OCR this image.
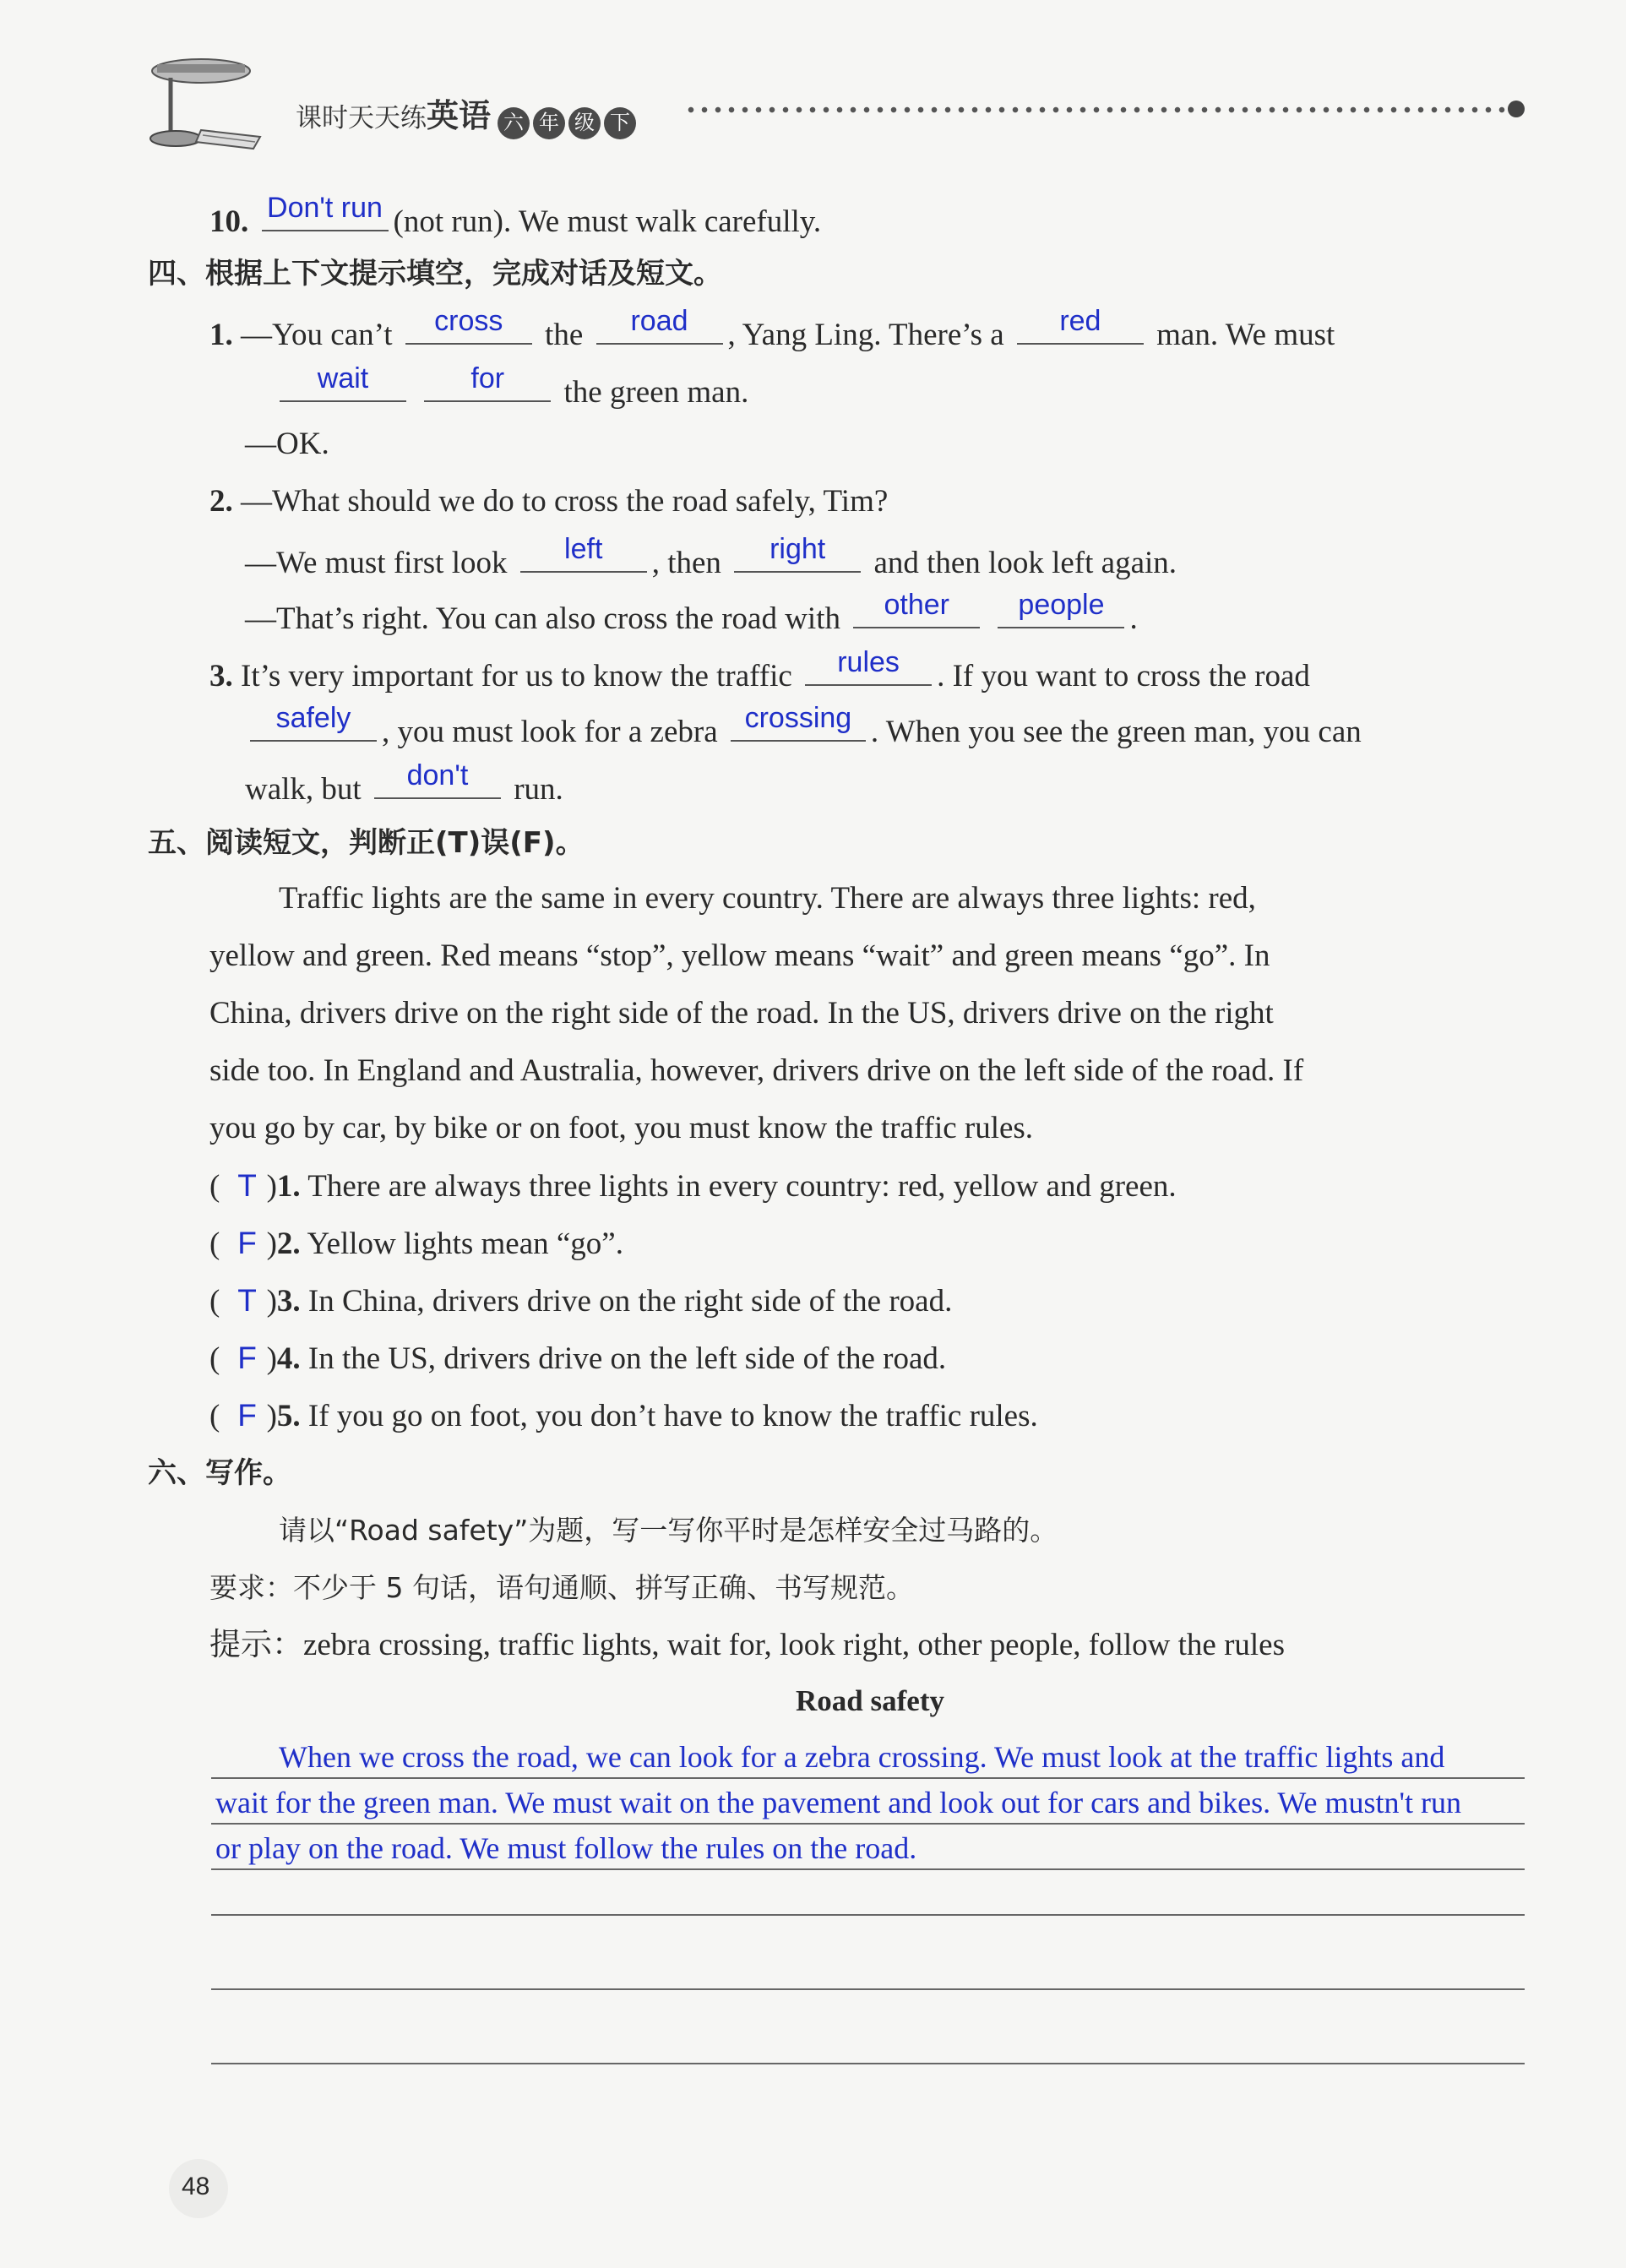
课时天天练英语 六 年 级 下
10. Don't run (not run). We must walk carefully.
四、根据上下文提示填空，完成对话及短文。
1. —You can’t	cross	the	road	, Yang Ling. There’s a	red	man. We must
wait
	for	the green man.
—OK.
2. —What should we do to cross the road safely, Tim?
—We must first look	left	, then	right	and then look left again.
—That’s right. You can also cross the road with	other
	people .
3. It’s very important for us to know the traffic	rules	. If you want to cross the road
safely , you must look for a zebra crossing . When you see the green man, you can
walk, but	don't	run.
五、阅读短文，判断正(T)误(F)。
Traffic lights are the same in every country. There are always three lights: red,
yellow and green. Red means “stop”, yellow means “wait” and green means “go”. In
China, drivers drive on the right side of the road. In the US, drivers drive on the right
side too. In England and Australia, however, drivers drive on the left side of the road. If
you go by car, by bike or on foot, you must know the traffic rules.
( T )1. There are always three lights in every country: red, yellow and green.
( F )2. Yellow lights mean “go”.
( T )3. In China, drivers drive on the right side of the road.
( F )4. In the US, drivers drive on the left side of the road.
( F )5. If you go on foot, you don’t have to know the traffic rules.
六、写作。
请以“Road safety”为题，写一写你平时是怎样安全过马路的。
要求：不少于 5 句话，语句通顺、拼写正确、书写规范。
提示：zebra crossing, traffic lights, wait for, look right, other people, follow the rules
Road safety
When we cross the road, we can look for a zebra crossing. We must look at the traffic lights and
wait for the green man. We must wait on the pavement and look out for cars and bikes. We mustn't run
or play on the road. We must follow the rules on the road.
48
